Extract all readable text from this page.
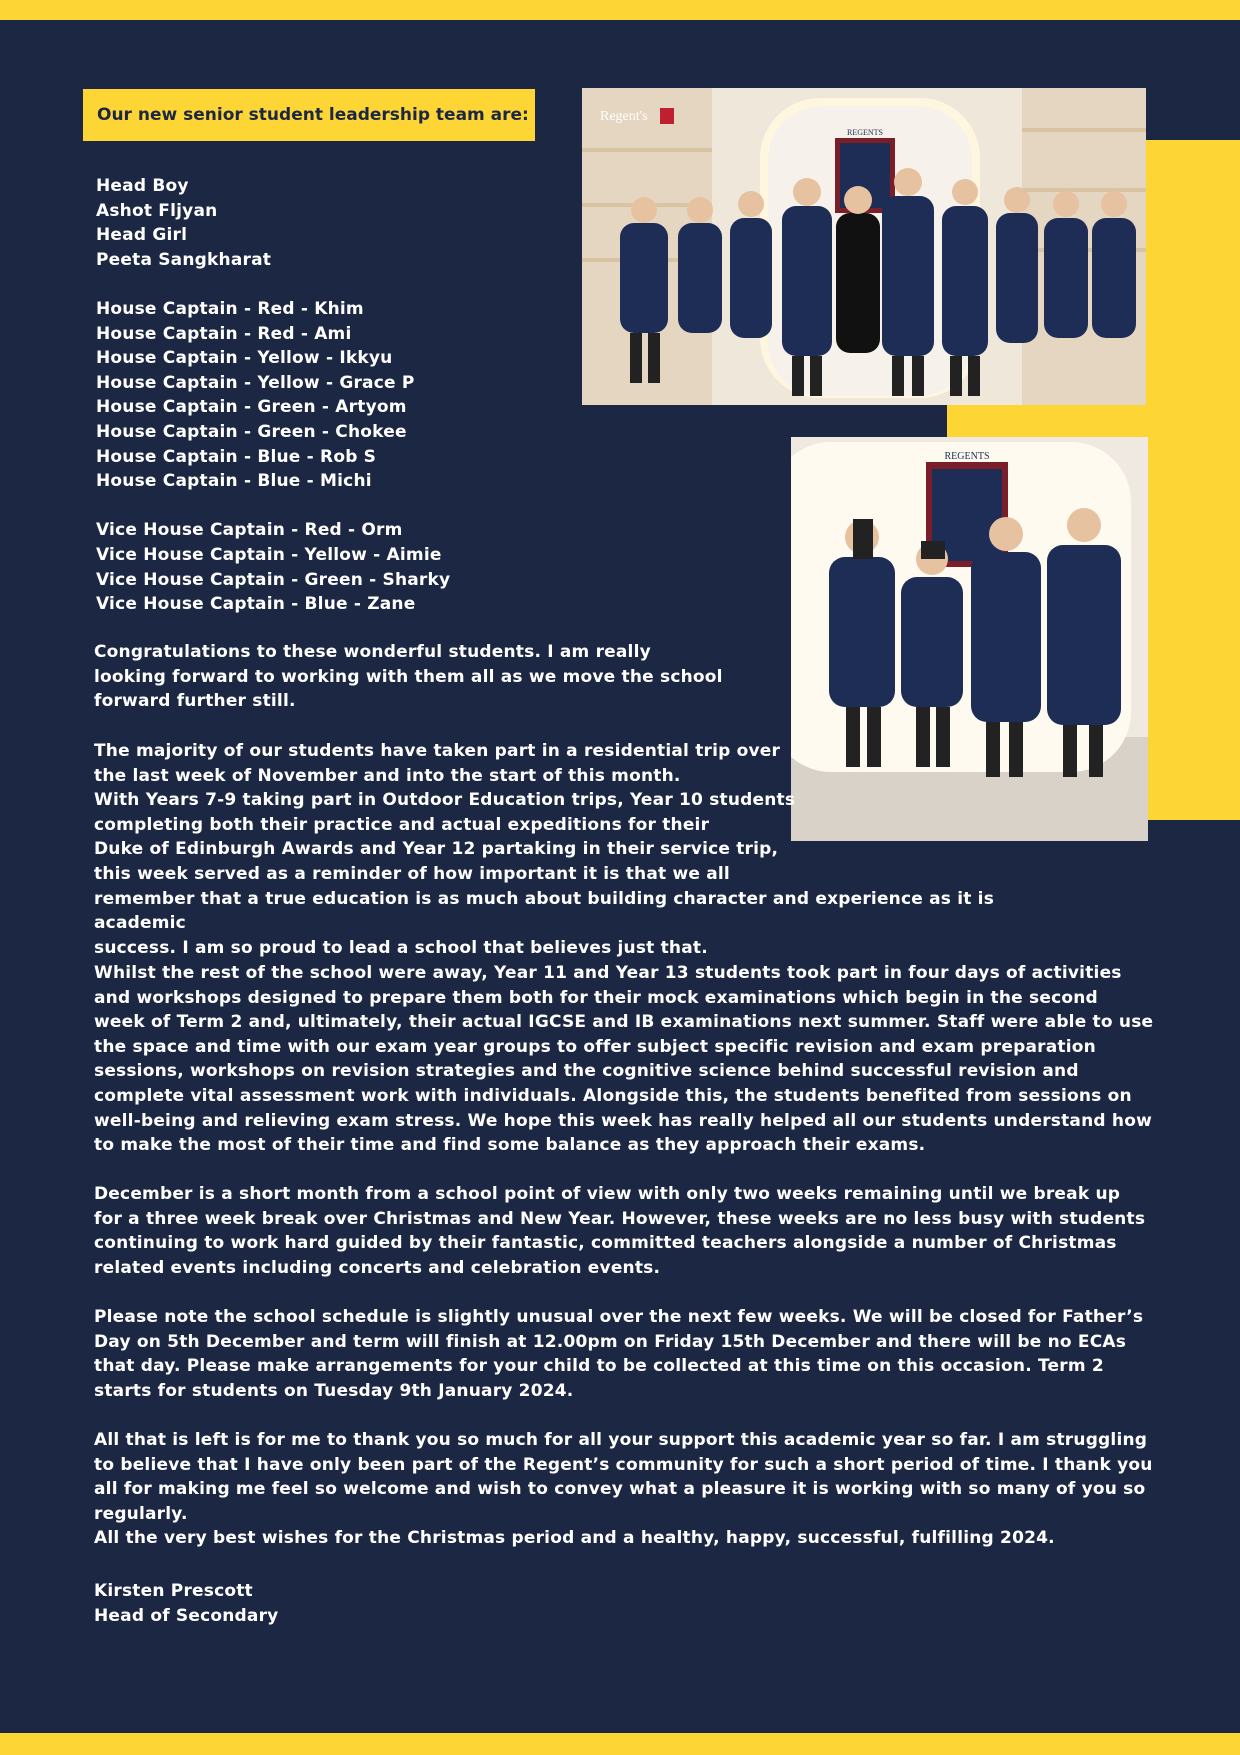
Our new senior student leadership team are:
REGENTS
Regent's
REGENTS
Head Boy
Ashot Fljyan
Head Girl
Peeta Sangkharat
House Captain - Red - Khim
House Captain - Red - Ami
House Captain - Yellow - Ikkyu
House Captain - Yellow - Grace P
House Captain - Green - Artyom
House Captain - Green - Chokee
House Captain - Blue - Rob S
House Captain - Blue - Michi
Vice House Captain - Red - Orm
Vice House Captain - Yellow - Aimie
Vice House Captain - Green - Sharky
Vice House Captain - Blue - Zane

Congratulations to these wonderful students. I am really looking forward to working with them all as we move the school forward further still.

The majority of our students have taken part in a residential trip over
the last week of November and into the start of this month.
With Years 7-9 taking part in Outdoor Education trips, Year 10 students
completing both their practice and actual expeditions for their
Duke of Edinburgh Awards and Year 12 partaking in their service trip,
this week served as a reminder of how important it is that we all
remember that a true education is as much about building character and experience as it is academic
success. I am so proud to lead a school that believes just that.

Whilst the rest of the school were away, Year 11 and Year 13 students took part in four days of activities and workshops designed to prepare them both for their mock examinations which begin in the second week of Term 2 and, ultimately, their actual IGCSE and IB examinations next summer. Staff were able to use the space and time with our exam year groups to offer subject specific revision and exam preparation sessions, workshops on revision strategies and the cognitive science behind successful revision and complete vital assessment work with individuals. Alongside this, the students benefited from sessions on well-being and relieving exam stress. We hope this week has really helped all our students understand how to make the most of their time and find some balance as they approach their exams.

December is a short month from a school point of view with only two weeks remaining until we break up for a three week break over Christmas and New Year. However, these weeks are no less busy with students continuing to work hard guided by their fantastic, committed teachers alongside a number of Christmas related events including concerts and celebration events.

Please note the school schedule is slightly unusual over the next few weeks. We will be closed for Father’s Day on 5th December and term will finish at 12.00pm on Friday 15th December and there will be no ECAs that day. Please make arrangements for your child to be collected at this time on this occasion. Term 2 starts for students on Tuesday 9th January 2024.

All that is left is for me to thank you so much for all your support this academic year so far. I am struggling to believe that I have only been part of the Regent’s community for such a short period of time. I thank you all for making me feel so welcome and wish to convey what a pleasure it is working with so many of you so regularly.

All the very best wishes for the Christmas period and a healthy, happy, successful, fulfilling 2024.

Kirsten Prescott
Head of Secondary
